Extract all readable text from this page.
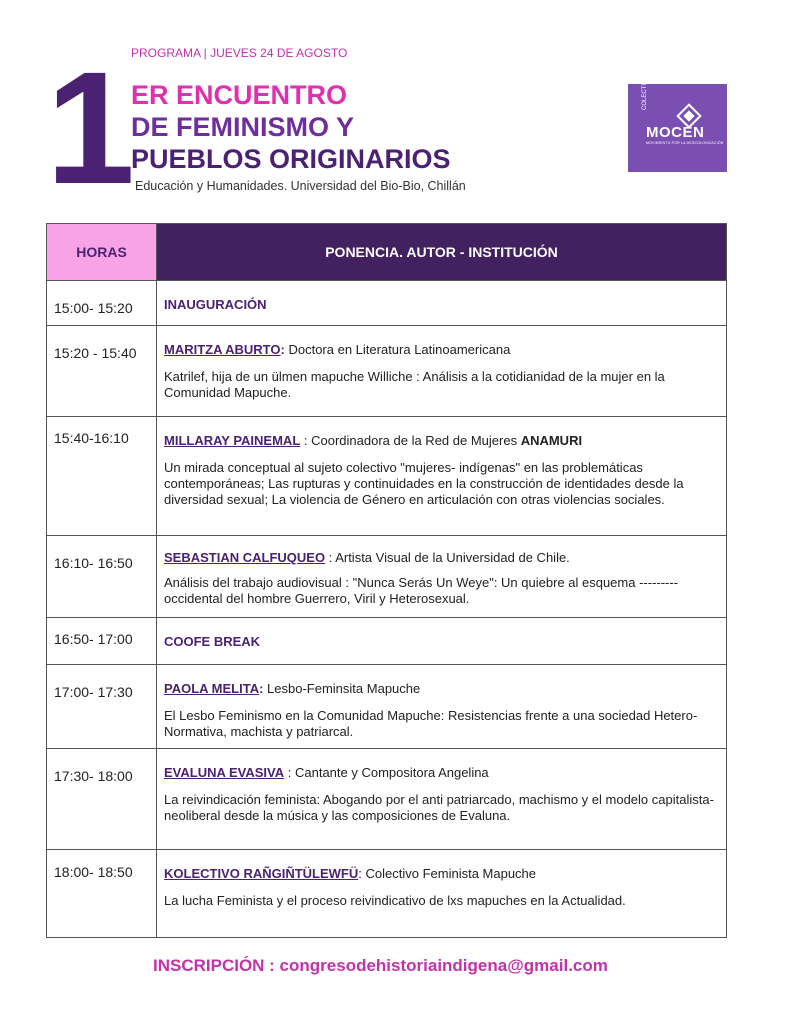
PROGRAMA | JUEVES 24 DE AGOSTO
1 ER ENCUENTRO
DE FEMINISMO Y
PUEBLOS ORIGINARIOS
Educación y Humanidades. Universidad del Bio-Bio, Chillán
COLECTIVO
MOCEN
MOVIMIENTO POR LA DESCOLONIZACIÓN
HORAS	PONENCIA. AUTOR - INSTITUCIÓN
15:00- 15:20	INAUGURACIÓN
15:20 - 15:40	MARITZA ABURTO: Doctora en Literatura Latinoamericana
Katrilef, hija de un ülmen mapuche Williche : Análisis a la cotidianidad de la mujer en la Comunidad Mapuche.

15:40-16:10	MILLARAY PAINEMAL : Coordinadora de la Red de Mujeres ANAMURI
Un mirada conceptual al sujeto colectivo "mujeres- indígenas" en las problemáticas contemporáneas; Las rupturas y continuidades en la construcción de identidades desde la diversidad sexual; La violencia de Género en articulación con otras violencias sociales.

16:10- 16:50	SEBASTIAN CALFUQUEO : Artista Visual de la Universidad de Chile.
Análisis del trabajo audiovisual : "Nunca Serás Un Weye": Un quiebre al esquema --------- occidental del hombre Guerrero, Viril y Heterosexual.

16:50- 17:00	COOFE BREAK
17:00- 17:30	PAOLA MELITA: Lesbo-Feminsita Mapuche
El Lesbo Feminismo en la Comunidad Mapuche: Resistencias frente a una sociedad Hetero-Normativa, machista y patriarcal.

17:30- 18:00	EVALUNA EVASIVA : Cantante y Compositora Angelina
La reivindicación feminista: Abogando por el anti patriarcado, machismo y el modelo capitalista- neoliberal desde la música y las composiciones de Evaluna.

18:00- 18:50	KOLECTIVO RAÑGIÑTÜLEWFÜ: Colectivo Feminista Mapuche
La lucha Feminista y el proceso reivindicativo de lxs mapuches en la Actualidad.
INSCRIPCIÓN : congresodehistoriaindigena@gmail.com
